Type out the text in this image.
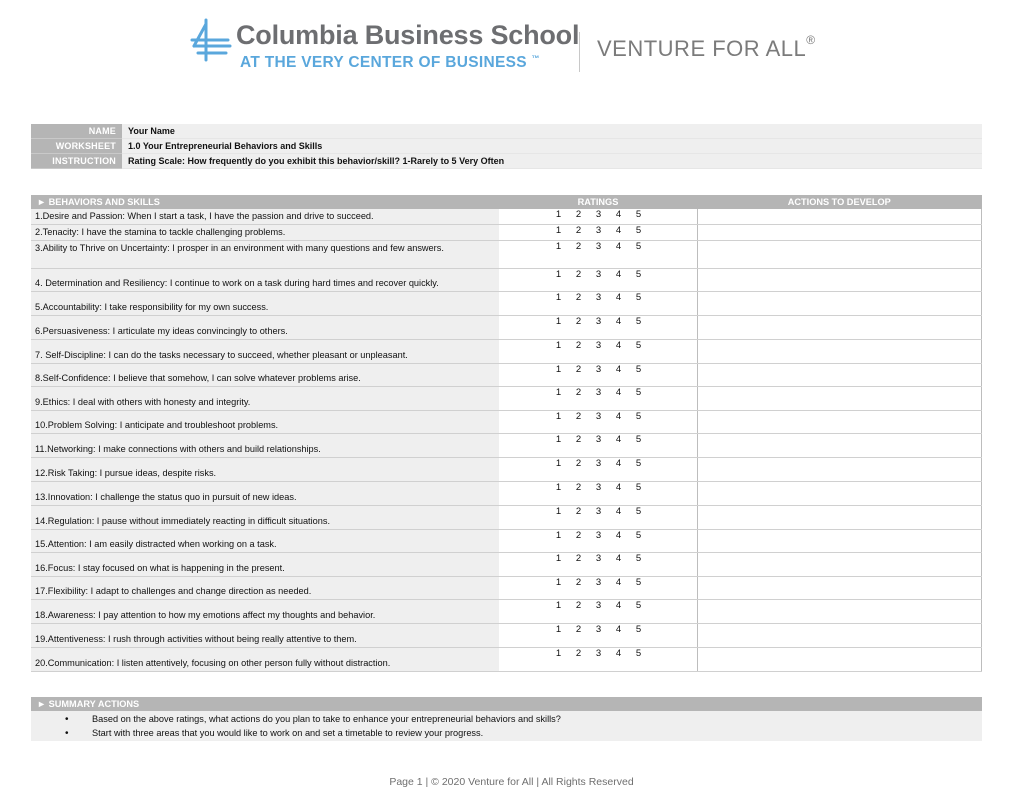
Columbia Business School
AT THE VERY CENTER OF BUSINESS ™	VENTURE FOR ALL®
NAME	Your Name
WORKSHEET	1.0 Your Entrepreneurial Behaviors and Skills
INSTRUCTION	Rating Scale: How frequently do you exhibit this behavior/skill? 1-Rarely to 5 Very Often
► BEHAVIORS AND SKILLS	RATINGS	ACTIONS TO DEVELOP
1.Desire and Passion: When I start a task, I have the passion and drive to succeed.	1 2 3 4 5	

2.Tenacity: I have the stamina to tackle challenging problems.	1 2 3 4 5	

3.Ability to Thrive on Uncertainty: I prosper in an environment with many questions and few answers.	1 2 3 4 5	

4. Determination and Resiliency: I continue to work on a task during hard times and recover quickly.	1 2 3 4 5	

5.Accountability: I take responsibility for my own success.	1 2 3 4 5	

6.Persuasiveness: I articulate my ideas convincingly to others.	1 2 3 4 5	

7. Self-Discipline: I can do the tasks necessary to succeed, whether pleasant or unpleasant.	1 2 3 4 5	

8.Self-Confidence: I believe that somehow, I can solve whatever problems arise.	1 2 3 4 5	

9.Ethics: I deal with others with honesty and integrity.	1 2 3 4 5	

10.Problem Solving: I anticipate and troubleshoot problems.	1 2 3 4 5	

11.Networking: I make connections with others and build relationships.	1 2 3 4 5	

12.Risk Taking: I pursue ideas, despite risks.	1 2 3 4 5	

13.Innovation: I challenge the status quo in pursuit of new ideas.	1 2 3 4 5	

14.Regulation: I pause without immediately reacting in difficult situations.	1 2 3 4 5	

15.Attention: I am easily distracted when working on a task.	1 2 3 4 5	

16.Focus: I stay focused on what is happening in the present.	1 2 3 4 5	

17.Flexibility: I adapt to challenges and change direction as needed.	1 2 3 4 5	

18.Awareness: I pay attention to how my emotions affect my thoughts and behavior.	1 2 3 4 5	

19.Attentiveness: I rush through activities without being really attentive to them.	1 2 3 4 5	

20.Communication: I listen attentively, focusing on other person fully without distraction.	1 2 3 4 5	

► SUMMARY ACTIONS
• Based on the above ratings, what actions do you plan to take to enhance your entrepreneurial behaviors and skills?
• Start with three areas that you would like to work on and set a timetable to review your progress.
Page 1 | © 2020 Venture for All | All Rights Reserved
